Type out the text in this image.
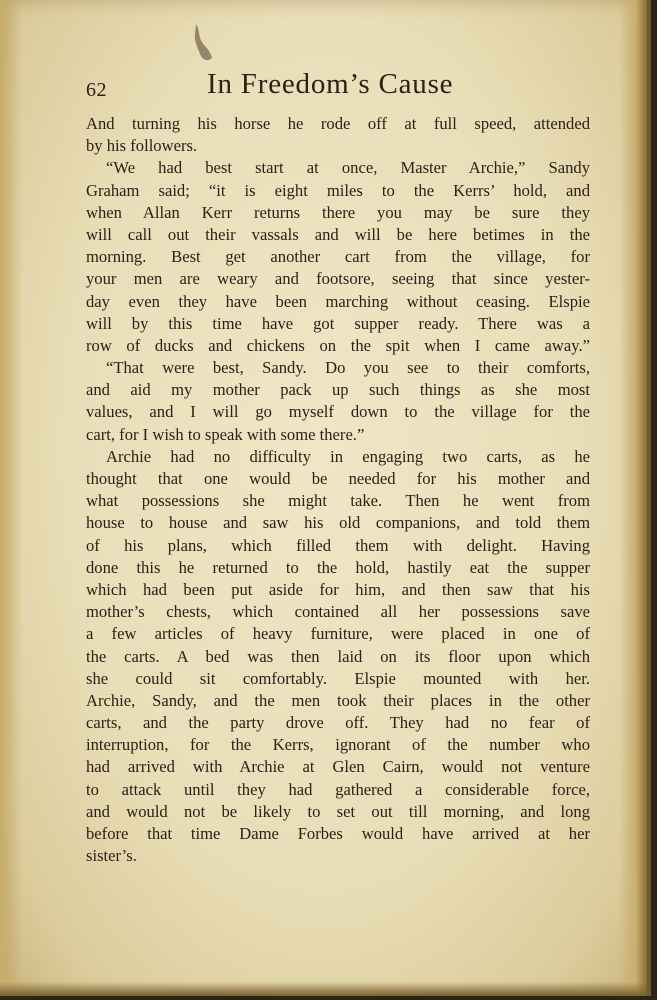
62	In Freedom’s Cause
And turning his horse he rode off at full speed, attended
by his followers.
“We had best start at once, Master Archie,” Sandy
Graham said; “it is eight miles to the Kerrs’ hold, and
when Allan Kerr returns there you may be sure they
will call out their vassals and will be here betimes in the
morning. Best get another cart from the village, for
your men are weary and footsore, seeing that since yester-
day even they have been marching without ceasing. Elspie
will by this time have got supper ready. There was a
row of ducks and chickens on the spit when I came away.”
“That were best, Sandy. Do you see to their comforts,
and aid my mother pack up such things as she most
values, and I will go myself down to the village for the
cart, for I wish to speak with some there.”
Archie had no difficulty in engaging two carts, as he
thought that one would be needed for his mother and
what possessions she might take. Then he went from
house to house and saw his old companions, and told them
of his plans, which filled them with delight. Having
done this he returned to the hold, hastily eat the supper
which had been put aside for him, and then saw that his
mother’s chests, which contained all her possessions save
a few articles of heavy furniture, were placed in one of
the carts. A bed was then laid on its floor upon which
she could sit comfortably. Elspie mounted with her.
Archie, Sandy, and the men took their places in the other
carts, and the party drove off. They had no fear of
interruption, for the Kerrs, ignorant of the number who
had arrived with Archie at Glen Cairn, would not venture
to attack until they had gathered a considerable force,
and would not be likely to set out till morning, and long
before that time Dame Forbes would have arrived at her
sister’s.
